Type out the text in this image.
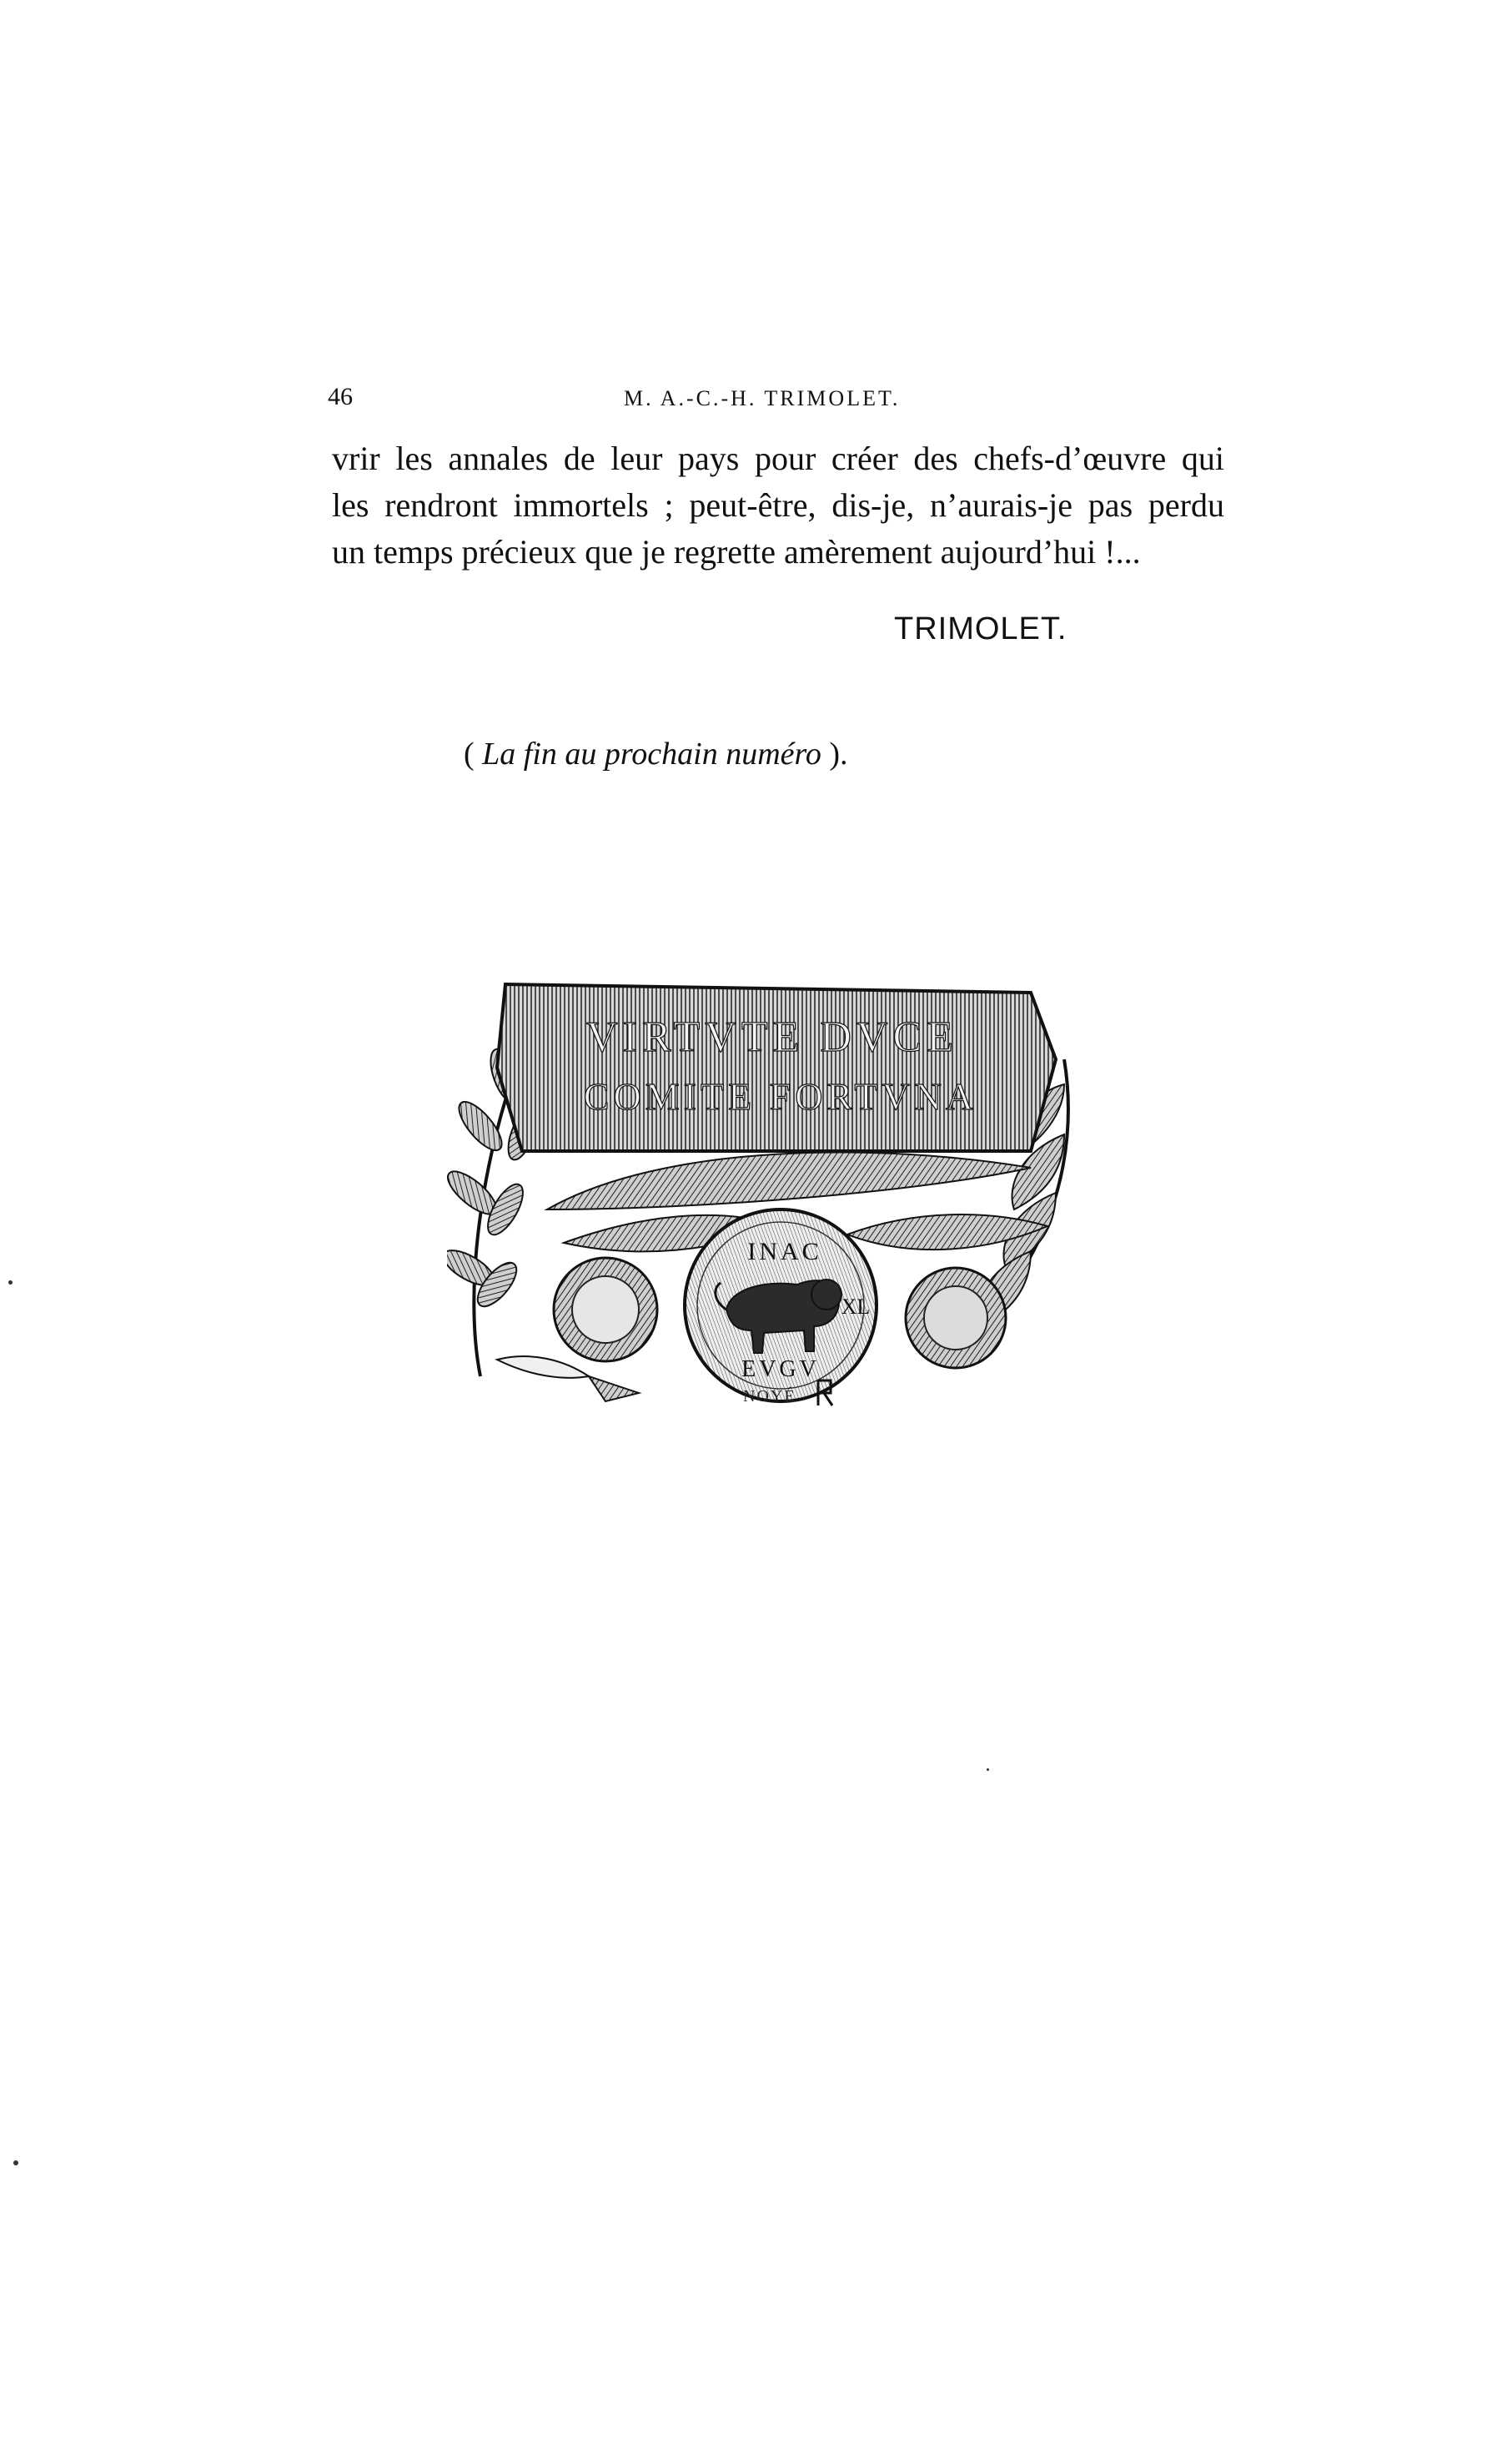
46	M. A.-C.-H. TRIMOLET.
vrir les annales de leur pays pour créer des chefs-d’œuvre qui
les rendront immortels ; peut-être, dis-je, n’aurais-je pas perdu
un temps précieux que je regrette amèrement aujourd’hui !...
TRIMOLET.
( La fin au prochain numéro ).
VIRTVTE DVCE
COMITE FORTVNA
INAC
XL
EVGV
NOYÉ
